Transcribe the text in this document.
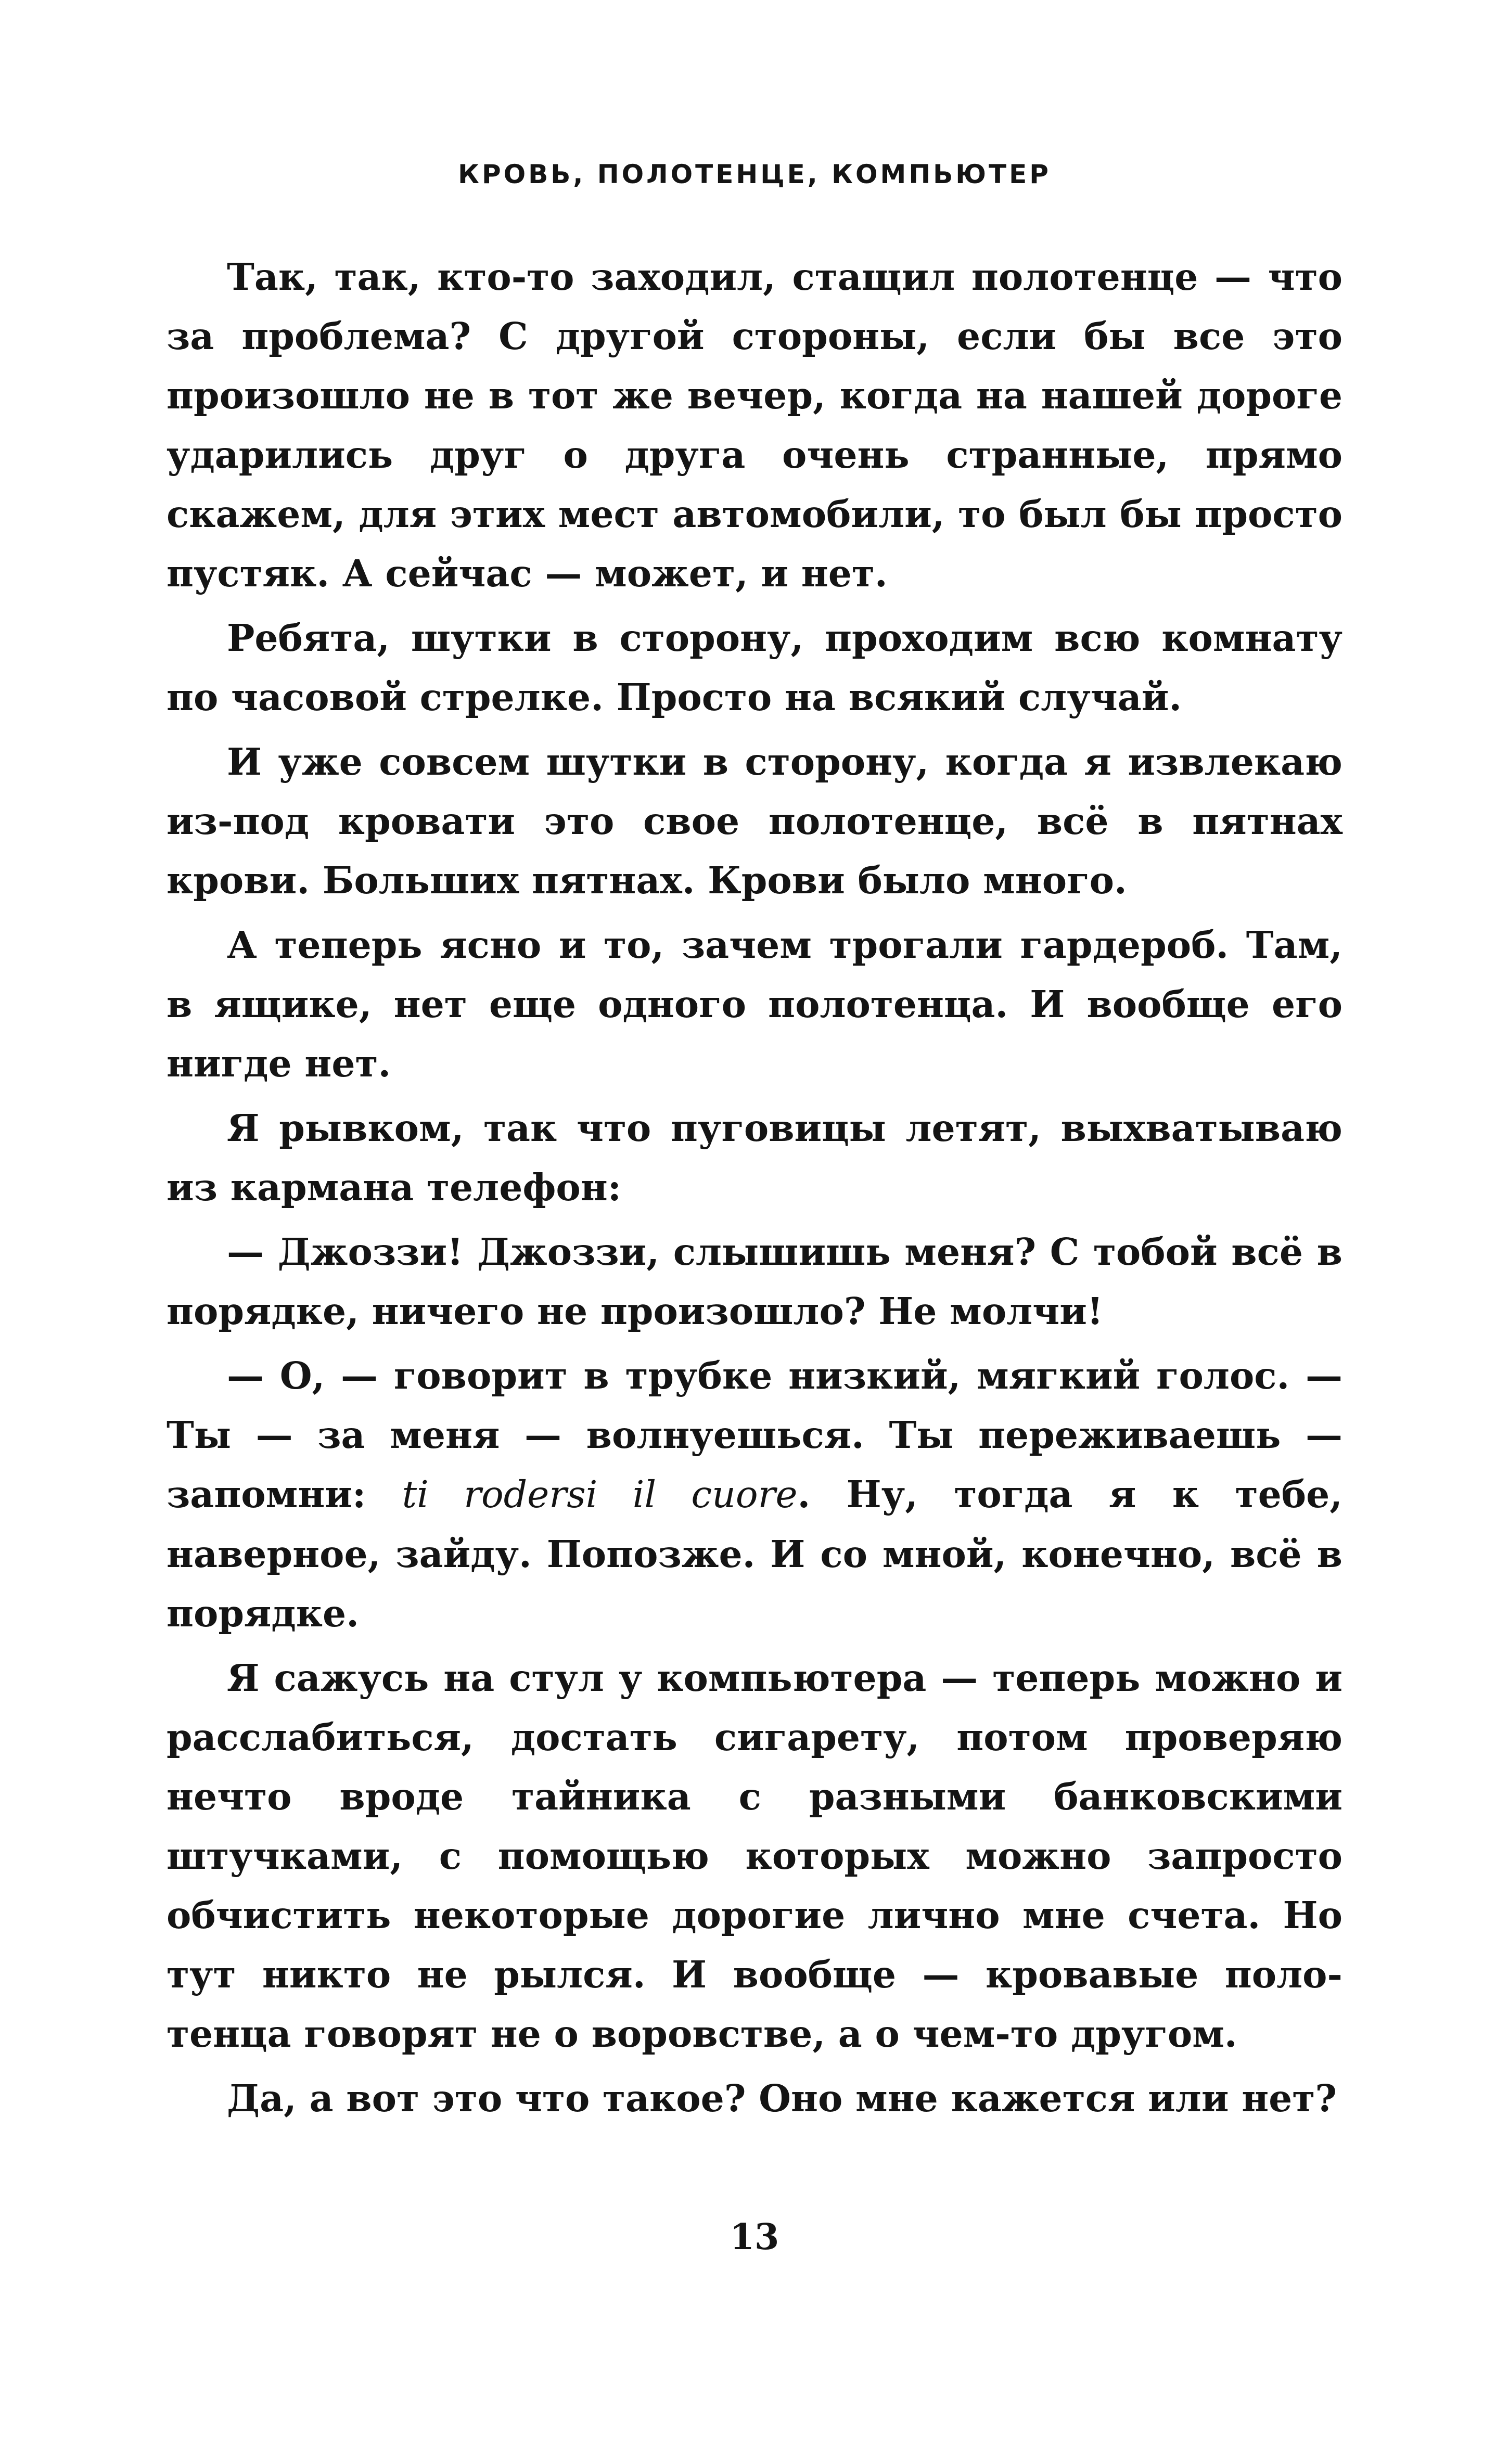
КРОВЬ, ПОЛОТЕНЦЕ, КОМПЬЮТЕР

Так, так, кто-то заходил, стащил полотенце — что за проблема? С другой стороны, если бы все это произошло не в тот же вечер, когда на нашей дороге ударились друг о друга очень странные, прямо скажем, для этих мест автомобили, то был бы просто пустяк. А сейчас — может, и нет.

Ребята, шутки в сторону, проходим всю комнату по часовой стрелке. Просто на всякий случай.

И уже совсем шутки в сторону, когда я извлекаю из-под кровати это свое полотенце, всё в пятнах крови. Больших пятнах. Крови было много.

А теперь ясно и то, зачем трогали гардероб. Там, в ящике, нет еще одного полотенца. И вообще его нигде нет.

Я рывком, так что пуговицы летят, выхватываю из кармана телефон:

— Джоззи! Джоззи, слышишь меня? С тобой всё в порядке, ничего не произошло? Не молчи!

— О, — говорит в трубке низкий, мягкий голос. — Ты — за меня — волнуешься. Ты переживаешь — запомни: ti rodersi il cuore. Ну, тогда я к тебе, наверное, зайду. Попозже. И со мной, конечно, всё в порядке.

Я сажусь на стул у компьютера — теперь можно и расслабиться, достать сигарету, потом проверяю нечто вроде тайника с разными банковскими штучками, с помощью которых можно запросто обчистить некоторые дорогие лично мне счета. Но тут никто не рылся. И вообще — кровавые полотенца говорят не о воровстве, а о чем-то другом.

Да, а вот это что такое? Оно мне кажется или нет?

13
